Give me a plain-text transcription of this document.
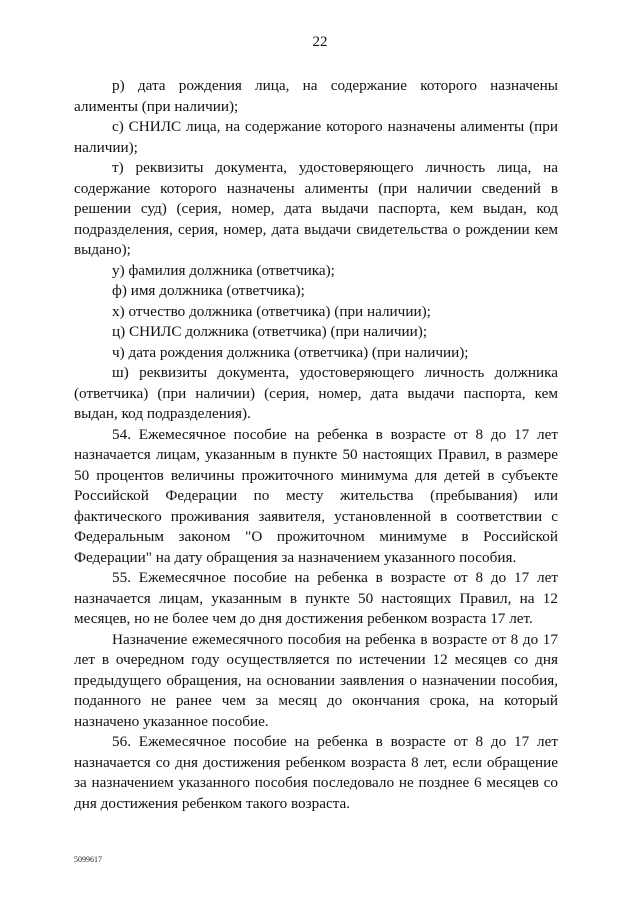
22

р) дата рождения лица, на содержание которого назначены алименты (при наличии);

с) СНИЛС лица, на содержание которого назначены алименты (при наличии);

т) реквизиты документа, удостоверяющего личность лица, на содержание которого назначены алименты (при наличии сведений в решении суд) (серия, номер, дата выдачи паспорта, кем выдан, код подразделения, серия, номер, дата выдачи свидетельства о рождении кем выдано);

у) фамилия должника (ответчика);

ф) имя должника (ответчика);

х) отчество должника (ответчика) (при наличии);

ц) СНИЛС должника (ответчика) (при наличии);

ч) дата рождения должника (ответчика) (при наличии);

ш) реквизиты документа, удостоверяющего личность должника (ответчика) (при наличии) (серия, номер, дата выдачи паспорта, кем выдан, код подразделения).

54. Ежемесячное пособие на ребенка в возрасте от 8 до 17 лет назначается лицам, указанным в пункте 50 настоящих Правил, в размере 50 процентов величины прожиточного минимума для детей в субъекте Российской Федерации по месту жительства (пребывания) или фактического проживания заявителя, установленной в соответствии с Федеральным законом "О прожиточном минимуме в Российской Федерации" на дату обращения за назначением указанного пособия.

55. Ежемесячное пособие на ребенка в возрасте от 8 до 17 лет назначается лицам, указанным в пункте 50 настоящих Правил, на 12 месяцев, но не более чем до дня достижения ребенком возраста 17 лет.

Назначение ежемесячного пособия на ребенка в возрасте от 8 до 17 лет в очередном году осуществляется по истечении 12 месяцев со дня предыдущего обращения, на основании заявления о назначении пособия, поданного не ранее чем за месяц до окончания срока, на который назначено указанное пособие.

56. Ежемесячное пособие на ребенка в возрасте от 8 до 17 лет назначается со дня достижения ребенком возраста 8 лет, если обращение за назначением указанного пособия последовало не позднее 6 месяцев со дня достижения ребенком такого возраста.

5099617
